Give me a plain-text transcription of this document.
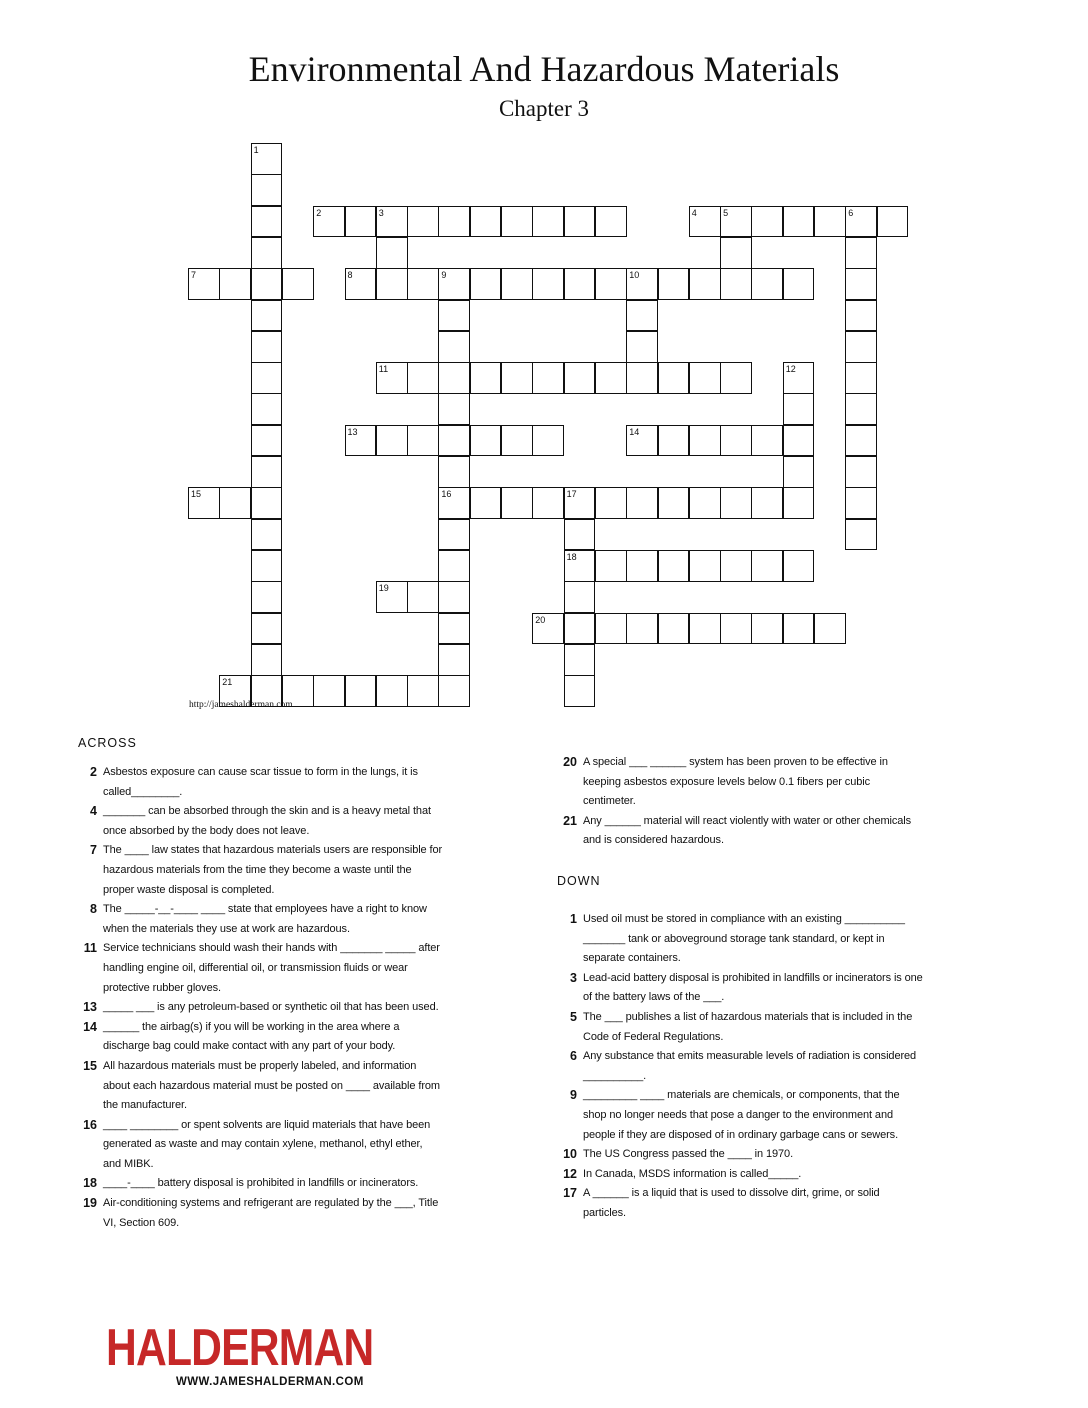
Environmental And Hazardous Materials
Chapter 3
1
2	3	4	5	6
7	8	9	10
16
11	12
13	14
15	17
18
19
20
21
http://jameshalderman.com
ACROSS
2 Asbestos exposure can cause scar tissue to form in the lungs, it is called________.
4 _______ can be absorbed through the skin and is a heavy metal that once absorbed by the body does not leave.
7 The ____ law states that hazardous materials users are responsible for hazardous materials from the time they become a waste until the proper waste disposal is completed.
8 The _____-__-____ ____ state that employees have a right to know when the materials they use at work are hazardous.
11 Service technicians should wash their hands with _______ _____ after handling engine oil, differential oil, or transmission fluids or wear protective rubber gloves.
13 _____ ___ is any petroleum-based or synthetic oil that has been used.
14 ______ the airbag(s) if you will be working in the area where a discharge bag could make contact with any part of your body.
15 All hazardous materials must be properly labeled, and information about each hazardous material must be posted on ____ available from the manufacturer.
16 ____ ________ or spent solvents are liquid materials that have been generated as waste and may contain xylene, methanol, ethyl ether, and MIBK.
18 ____-____ battery disposal is prohibited in landfills or incinerators.
19 Air-conditioning systems and refrigerant are regulated by the ___, Title VI, Section 609.
20 A special ___ ______ system has been proven to be effective in keeping asbestos exposure levels below 0.1 fibers per cubic centimeter.
21 Any ______ material will react violently with water or other chemicals and is considered hazardous.
DOWN
1 Used oil must be stored in compliance with an existing __________ _______ tank or aboveground storage tank standard, or kept in separate containers.
3 Lead-acid battery disposal is prohibited in landfills or incinerators is one of the battery laws of the ___.
5 The ___ publishes a list of hazardous materials that is included in the Code of Federal Regulations.
6 Any substance that emits measurable levels of radiation is considered __________.
9 _________ ____ materials are chemicals, or components, that the shop no longer needs that pose a danger to the environment and people if they are disposed of in ordinary garbage cans or sewers.
10 The US Congress passed the ____ in 1970.
12 In Canada, MSDS information is called_____.
17 A ______ is a liquid that is used to dissolve dirt, grime, or solid particles.
HALDERMAN
WWW.JAMESHALDERMAN.COM
